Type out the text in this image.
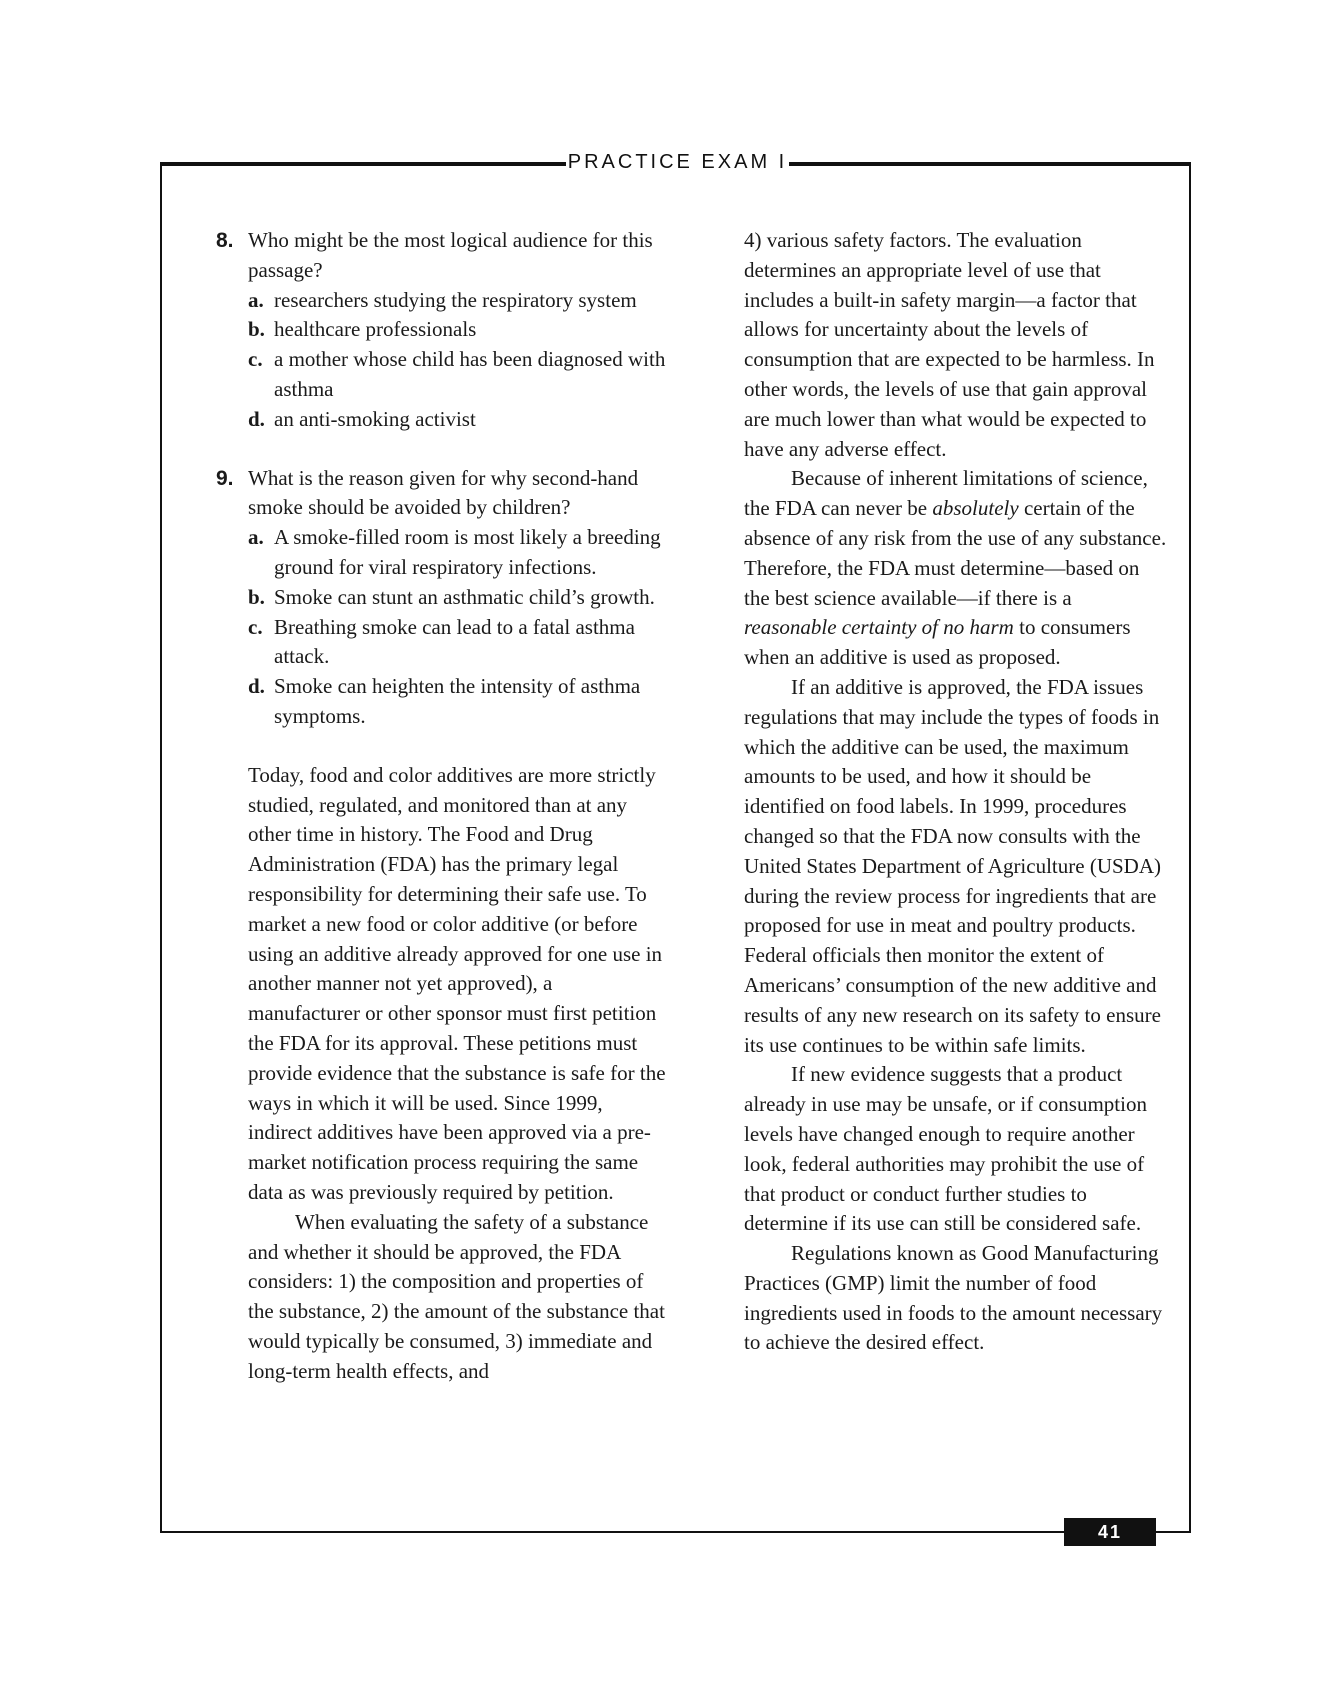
PRACTICE EXAM I
8. Who might be the most logical audience for this passage?
a. researchers studying the respiratory system
b. healthcare professionals
c. a mother whose child has been diagnosed with asthma
d. an anti-smoking activist
9. What is the reason given for why second-hand smoke should be avoided by children?
a. A smoke-filled room is most likely a breeding ground for viral respiratory infections.
b. Smoke can stunt an asthmatic child’s growth.
c. Breathing smoke can lead to a fatal asthma attack.
d. Smoke can heighten the intensity of asthma symptoms.

Today, food and color additives are more strictly studied, regulated, and monitored than at any other time in history. The Food and Drug Administration (FDA) has the primary legal responsibility for determining their safe use. To market a new food or color additive (or before using an additive already approved for one use in another manner not yet approved), a manufacturer or other sponsor must first petition the FDA for its approval. These petitions must provide evidence that the substance is safe for the ways in which it will be used. Since 1999, indirect additives have been approved via a pre-market notification process requiring the same data as was previously required by petition.

When evaluating the safety of a substance and whether it should be approved, the FDA considers: 1) the composition and properties of the substance, 2) the amount of the substance that would typically be consumed, 3) immediate and long-term health effects, and

4) various safety factors. The evaluation determines an appropriate level of use that includes a built-in safety margin—a factor that allows for uncertainty about the levels of consumption that are expected to be harmless. In other words, the levels of use that gain approval are much lower than what would be expected to have any adverse effect.

Because of inherent limitations of science, the FDA can never be absolutely certain of the absence of any risk from the use of any substance. Therefore, the FDA must determine—based on the best science available—if there is a reasonable certainty of no harm to consumers when an additive is used as proposed.

If an additive is approved, the FDA issues regulations that may include the types of foods in which the additive can be used, the maximum amounts to be used, and how it should be identified on food labels. In 1999, procedures changed so that the FDA now consults with the United States Department of Agriculture (USDA) during the review process for ingredients that are proposed for use in meat and poultry products. Federal officials then monitor the extent of Americans’ consumption of the new additive and results of any new research on its safety to ensure its use continues to be within safe limits.

If new evidence suggests that a product already in use may be unsafe, or if consumption levels have changed enough to require another look, federal authorities may prohibit the use of that product or conduct further studies to determine if its use can still be considered safe.

Regulations known as Good Manufacturing Practices (GMP) limit the number of food ingredients used in foods to the amount necessary to achieve the desired effect.

41
